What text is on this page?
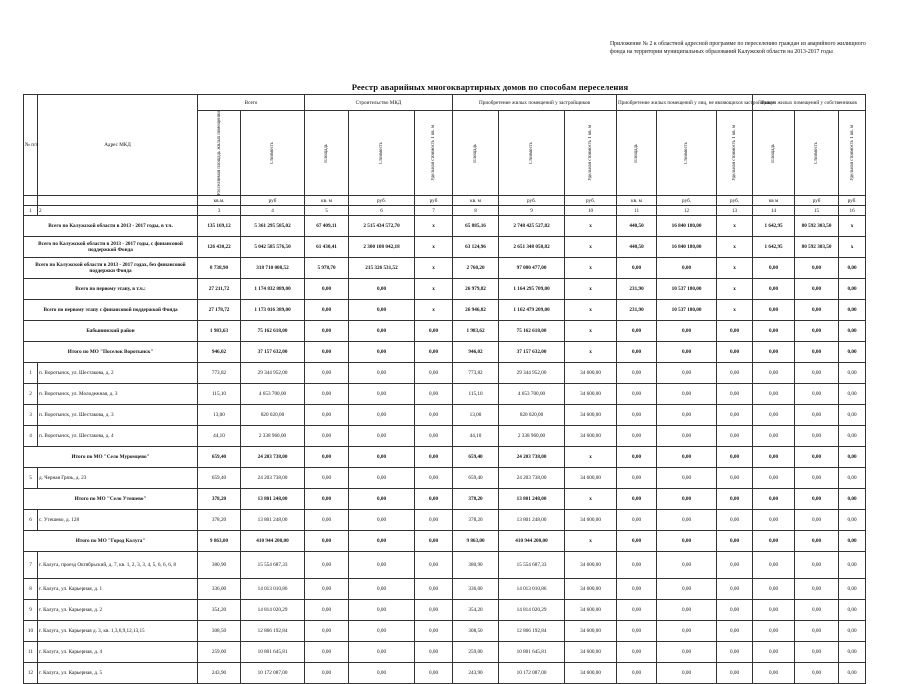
Приложение № 2 к областной адресной программе по переселению граждан из аварийного жилищного фонда на территории муниципальных образований Калужской области на 2013-2017 годы
Реестр аварийных многоквартирных домов по способам переселения
№ п/п	Адрес МКД	Всего		Строительство МКД			Приобретение жилых помещений у застройщиков			Приобретение жилых помещений у лиц, не являющихся застройщиком			Выкуп жилых помещений у собственников		

		Расселяемая площадь жилых помещений	Стоимость	Площадь	Стоимость	Удельная стоимость 1 кв. м	Площадь	Стоимость	Удельная стоимость 1 кв. м	Площадь	Стоимость	Удельная стоимость 1 кв. м	Площадь	Стоимость	Удельная стоимость 1 кв. м

		кв.м.	руб	кв. м	руб.	руб	кв. м	руб.	руб.	кв. м	руб.	руб.	кв м	руб	руб.
1	2	3	4	5	6	7	8	9	10	11	12	13	14	15	16
Всего по Калужской области в 2013 - 2017 годы, в т.ч.		135 169,12	5 361 295 585,02	67 409,11	2 515 434 572,70	х	65 885,16	2 748 425 527,82	х	440,50	16 840 180,00	х	1 642,95	80 592 303,50	х
Всего по Калужской области в 2013 - 2017 годы, с финансовой поддержкой Фонда		126 430,22	5 042 585 576,50	61 430,41	2 300 108 042,18	х	63 124,96	2 651 348 050,82	х	440,50	16 840 180,00	х	1 642,95	80 592 303,50	х
Всего по Калужской области в 2013 - 2017 годах, без финансовой поддержки Фонда		8 738,90	318 710 008,52	5 978,70	215 326 531,52	х	2 760,20	97 080 477,00	х	0,00	0,00	х	0,00	0,00	0,00
Всего по первому этапу, в т.ч.:		27 211,72	1 174 832 889,00	0,00	0,00	х	26 979,82	1 164 295 709,00	х	231,90	10 537 180,00	х	0,00	0,00	0,00
Всего по первому этапу с финансовой поддержкой Фонда		27 178,72	1 173 016 389,00	0,00	0,00	х	26 946,82	1 162 479 209,00	х	231,90	10 537 180,00	х	0,00	0,00	0,00
Бабынинский район		1 983,63	75 162 618,00	0,00	0,00	0,00	1 983,62	75 162 618,00	х	0,00	0,00	0,00	0,00	0,00	0,00
Итого по МО "Поселок Воротынск"		946,02	37 157 632,00	0,00	0,00	0,00	946,02	37 157 632,00	х	0,00	0,00	0,00	0,00	0,00	0,00
1	п. Воротынск, ул. Шестакова, д. 2	773,82	29 344 952,00	0,00	0,00	0,00	773,82	29 344 952,00	34 600,00	0,00	0,00	0,00	0,00	0,00	0,00
2	п. Воротынск, ул. Молодежная, д. 3	115,10	4 653 700,00	0,00	0,00	0,00	115,10	4 653 700,00	34 600,00	0,00	0,00	0,00	0,00	0,00	0,00
3	п. Воротынск, ул. Шестакова, д. 3	13,00	820 020,00	0,00	0,00	0,00	13,00	820 020,00	34 600,00	0,00	0,00	0,00	0,00	0,00	0,00
4	п. Воротынск, ул. Шестакова, д. 4	44,10	2 338 960,00	0,00	0,00	0,00	44,10	2 338 960,00	34 600,00	0,00	0,00	0,00	0,00	0,00	0,00
Итого по МО "Село Муромцево"		659,40	24 203 738,00	0,00	0,00	0,00	659,40	24 203 738,00	х	0,00	0,00	0,00	0,00	0,00	0,00
5	д. Черная Грязь, д. 23	659,40	24 203 738,00	0,00	0,00	0,00	659,40	24 203 738,00	34 600,00	0,00	0,00	0,00	0,00	0,00	0,00
Итого по МО "Село Утешево"		378,20	13 801 248,00	0,00	0,00	0,00	378,20	13 801 248,00	х	0,00	0,00	0,00	0,00	0,00	0,00
6	с. Утешево, д. 128	378,20	13 801 248,00	0,00	0,00	0,00	378,20	13 801 248,00	34 600,00	0,00	0,00	0,00	0,00	0,00	0,00
Итого по МО "Город Калуга"		9 863,00	410 944 200,00	0,00	0,00	0,00	9 863,00	410 944 200,00	х	0,00	0,00	0,00	0,00	0,00	0,00
7	г. Калуга, проезд Октябрьский, д. 7, кв. 1, 2, 3, 3, 4, 5, 6, 6, 6, 8	380,90	15 554 687,33	0,00	0,00	0,00	380,90	15 554 687,33	34 600,00	0,00	0,00	0,00	0,00	0,00	0,00
8	г. Калуга, ул. Карьерная, д. 1	336,00	14 013 010,86	0,00	0,00	0,00	336,00	14 013 010,86	34 600,00	0,00	0,00	0,00	0,00	0,00	0,00
9	г. Калуга, ул. Карьерная, д. 2	354,20	14 814 020,29	0,00	0,00	0,00	354,20	14 814 020,29	34 600,00	0,00	0,00	0,00	0,00	0,00	0,00
10	г. Калуга, ул. Карьерная д. 3, кв. 1,3,6,9,12,13,15	308,50	12 866 192,84	0,00	0,00	0,00	308,50	12 866 192,84	34 600,00	0,00	0,00	0,00	0,00	0,00	0,00
11	г. Калуга, ул. Карьерная, д. 4	259,00	10 801 645,81	0,00	0,00	0,00	259,00	10 801 645,81	34 600,00	0,00	0,00	0,00	0,00	0,00	0,00
12	г. Калуга, ул. Карьерная, д. 5	243,90	10 172 087,00	0,00	0,00	0,00	243,90	10 172 087,00	34 600,00	0,00	0,00	0,00	0,00	0,00	0,00
